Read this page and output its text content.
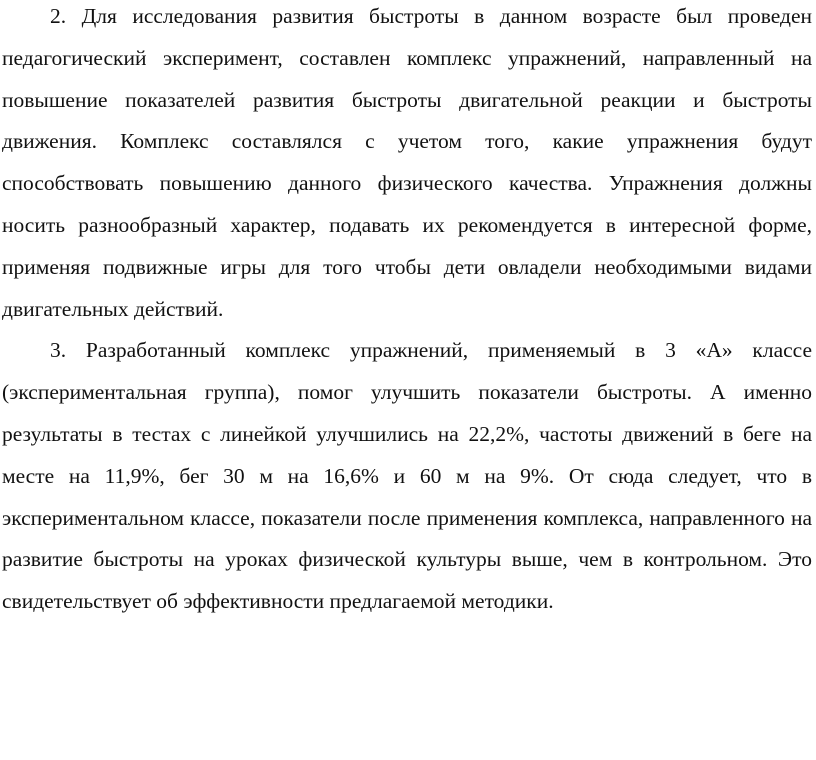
2. Для исследования развития быстроты в данном возрасте был проведен педагогический эксперимент, составлен комплекс упражнений, направленный на повышение показателей развития быстроты двигательной реакции и быстроты движения. Комплекс составлялся с учетом того, какие упражнения будут способствовать повышению данного физического качества. Упражнения должны носить разнообразный характер, подавать их рекомендуется в интересной форме, применяя подвижные игры для того чтобы дети овладели необходимыми видами двигательных действий.

3. Разработанный комплекс упражнений, применяемый в 3 «А» классе (экспериментальная группа), помог улучшить показатели быстроты. А именно результаты в тестах с линейкой улучшились на 22,2%, частоты движений в беге на месте на 11,9%, бег 30 м на 16,6% и 60 м на 9%. От сюда следует, что в экспериментальном классе, показатели после применения комплекса, направленного на развитие быстроты на уроках физической культуры выше, чем в контрольном. Это свидетельствует об эффективности предлагаемой методики.
